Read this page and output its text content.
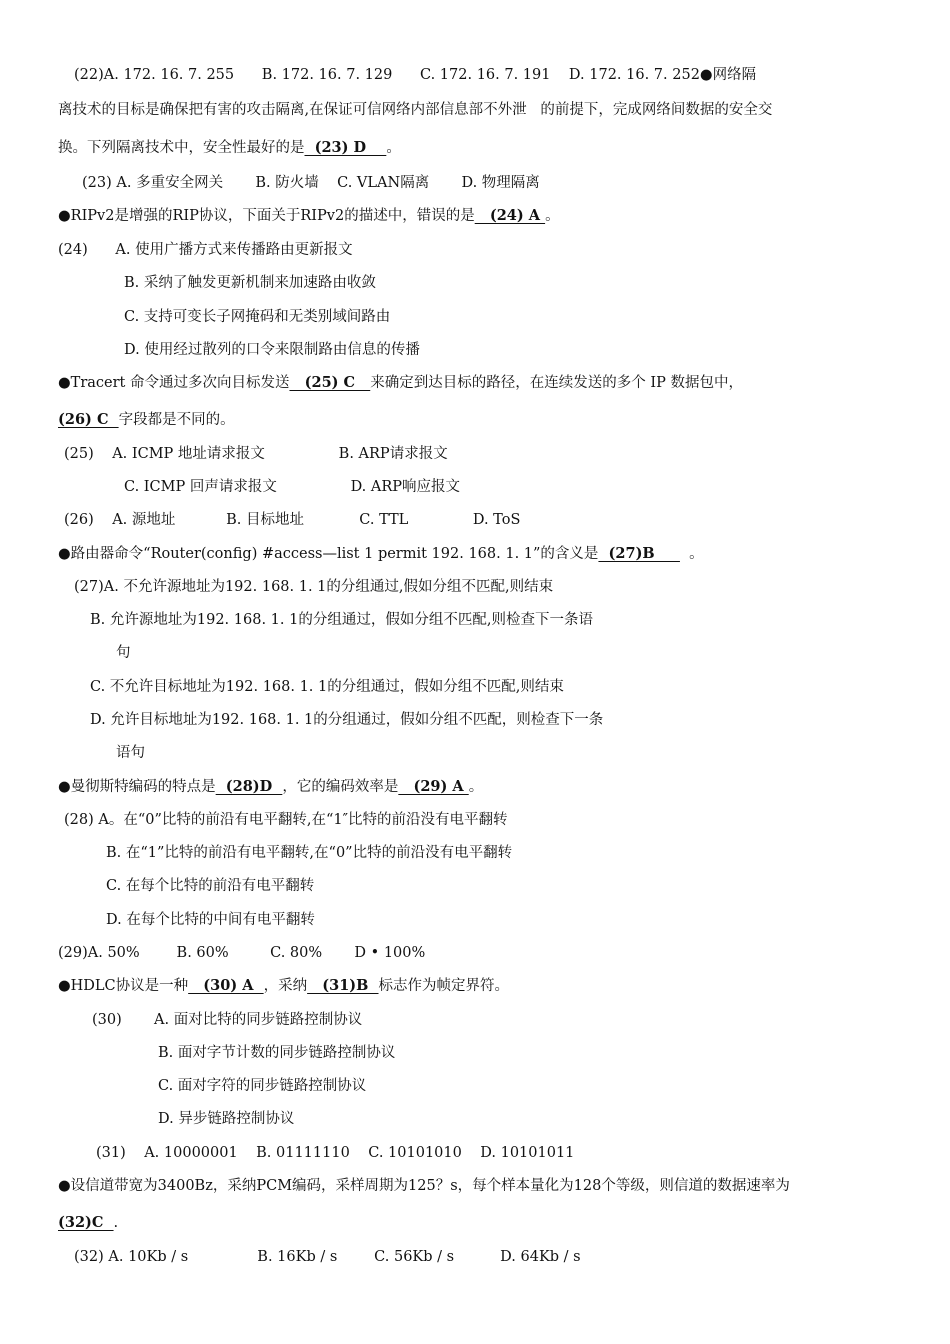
(22)A. 172. 16. 7. 255      B. 172. 16. 7. 129      C. 172. 16. 7. 191    D. 172. 16. 7. 252●网络隔
离技术的目标是确保把有害的攻击隔离,在保证可信网络内部信息部不外泄   的前提下，完成网络间数据的安全交
换。下列隔离技术中，安全性最好的是  (23) D    。
(23) A. 多重安全网关       B. 防火墙    C. VLAN隔离       D. 物理隔离
●RIPv2是增强的RIP协议，下面关于RIPv2的描述中，错误的是   (24) A 。
(24)      A. 使用广播方式来传播路由更新报文
B. 采纳了触发更新机制来加速路由收敛
C. 支持可变长子网掩码和无类别域间路由
D. 使用经过散列的口令来限制路由信息的传播
●Tracert 命令通过多次向目标发送   (25) C   来确定到达目标的路径，在连续发送的多个 IP 数据包中，
(26) C  字段都是不同的。
(25)    A. ICMP 地址请求报文                B. ARP请求报文
C. ICMP 回声请求报文                D. ARP响应报文
(26)    A. 源地址           B. 目标地址            C. TTL              D. ToS
●路由器命令“Router(config) #access—list 1 permit 192. 168. 1. 1”的含义是  (27)B       。
(27)A. 不允许源地址为192. 168. 1. 1的分组通过,假如分组不匹配,则结束
B. 允许源地址为192. 168. 1. 1的分组通过，假如分组不匹配,则检查下一条语
句
C. 不允许目标地址为192. 168. 1. 1的分组通过，假如分组不匹配,则结束
D. 允许目标地址为192. 168. 1. 1的分组通过，假如分组不匹配，则检查下一条
语句
●曼彻斯特编码的特点是  (28)D  ，它的编码效率是   (29) A 。
(28) A。在“0”比特的前沿有电平翻转,在“1″比特的前沿没有电平翻转
B. 在“1”比特的前沿有电平翻转,在“0”比特的前沿没有电平翻转
C. 在每个比特的前沿有电平翻转
D. 在每个比特的中间有电平翻转
(29)A. 50%        B. 60%         C. 80%       D • 100%
●HDLC协议是一种   (30) A  ，采纳   (31)B  标志作为帧定界符。
(30)       A. 面对比特的同步链路控制协议
B. 面对字节计数的同步链路控制协议
C. 面对字符的同步链路控制协议
D. 异步链路控制协议
(31)    A. 10000001    B. 01111110    C. 10101010    D. 10101011
●设信道带宽为3400Bz，采纳PCM编码，采样周期为125？s，每个样本量化为128个等级，则信道的数据速率为
(32)C  .
(32) A. 10Kb / s               B. 16Kb / s        C. 56Kb / s          D. 64Kb / s
